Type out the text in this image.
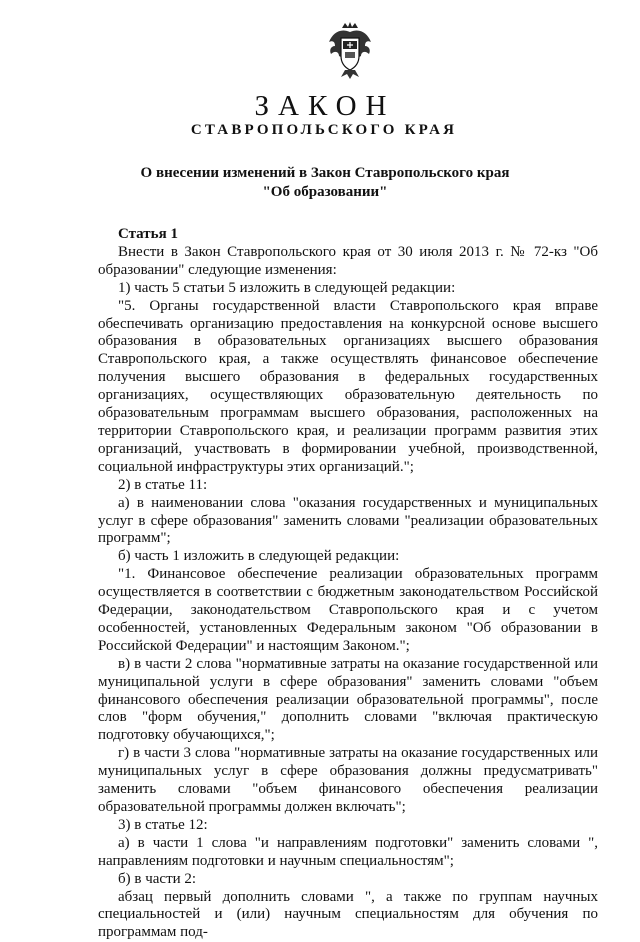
ЗАКОН
СТАВРОПОЛЬСКОГО КРАЯ
О внесении изменений в Закон Ставропольского края
"Об образовании"
Статья 1

Внести в Закон Ставропольского края от 30 июля 2013 г. № 72-кз "Об образовании" следующие изменения:

1) часть 5 статьи 5 изложить в следующей редакции:

"5. Органы государственной власти Ставропольского края вправе обеспечивать организацию предоставления на конкурсной основе высшего образования в образовательных организациях высшего образования Ставропольского края, а также осуществлять финансовое обеспечение получения высшего образования в федеральных государственных организациях, осуществляющих образовательную деятельность по образовательным программам высшего образования, расположенных на территории Ставропольского края, и реализации программ развития этих организаций, участвовать в формировании учебной, производственной, социальной инфраструктуры этих организаций.";

2) в статье 11:

а) в наименовании слова "оказания государственных и муниципальных услуг в сфере образования" заменить словами "реализации образовательных программ";

б) часть 1 изложить в следующей редакции:

"1. Финансовое обеспечение реализации образовательных программ осуществляется в соответствии с бюджетным законодательством Российской Федерации, законодательством Ставропольского края и с учетом особенностей, установленных Федеральным законом "Об образовании в Российской Федерации" и настоящим Законом.";

в) в части 2 слова "нормативные затраты на оказание государственной или муниципальной услуги в сфере образования" заменить словами "объем финансового обеспечения реализации образовательной программы", после слов "форм обучения," дополнить словами "включая практическую подготовку обучающихся,";

г) в части 3 слова "нормативные затраты на оказание государственных или муниципальных услуг в сфере образования должны предусматривать" заменить словами "объем финансового обеспечения реализации образовательной программы должен включать";

3) в статье 12:

а) в части 1 слова "и направлениям подготовки" заменить словами ", направлениям подготовки и научным специальностям";

б) в части 2:

абзац первый дополнить словами ", а также по группам научных специальностей и (или) научным специальностям для обучения по программам под-
